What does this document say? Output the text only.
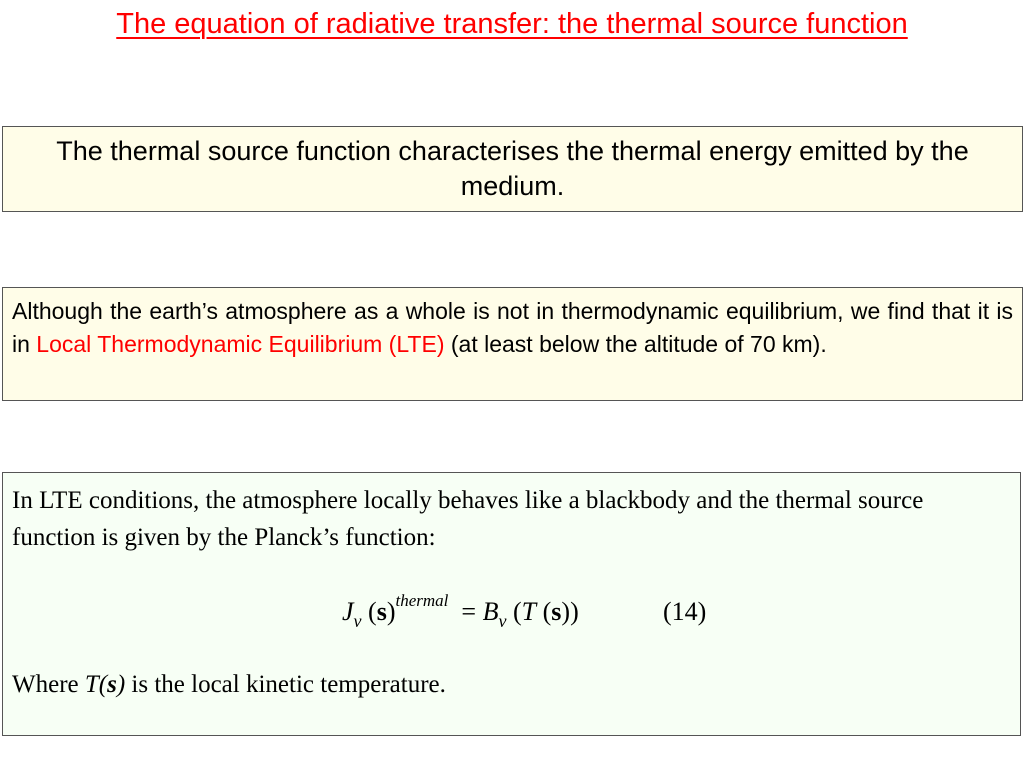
The equation of radiative transfer: the thermal source function
The thermal source function characterises the thermal energy emitted by the medium.
Although the earth’s atmosphere as a whole is not in thermodynamic equilibrium, we find that it is in Local Thermodynamic Equilibrium (LTE) (at least below the altitude of 70 km).
In LTE conditions, the atmosphere locally behaves like a blackbody and the thermal source function is given by the Planck’s function:
$J_\nu$ $(s)^{thermal} = B_\nu$ (T (s))	(14)
Where T(s) is the local kinetic temperature.
